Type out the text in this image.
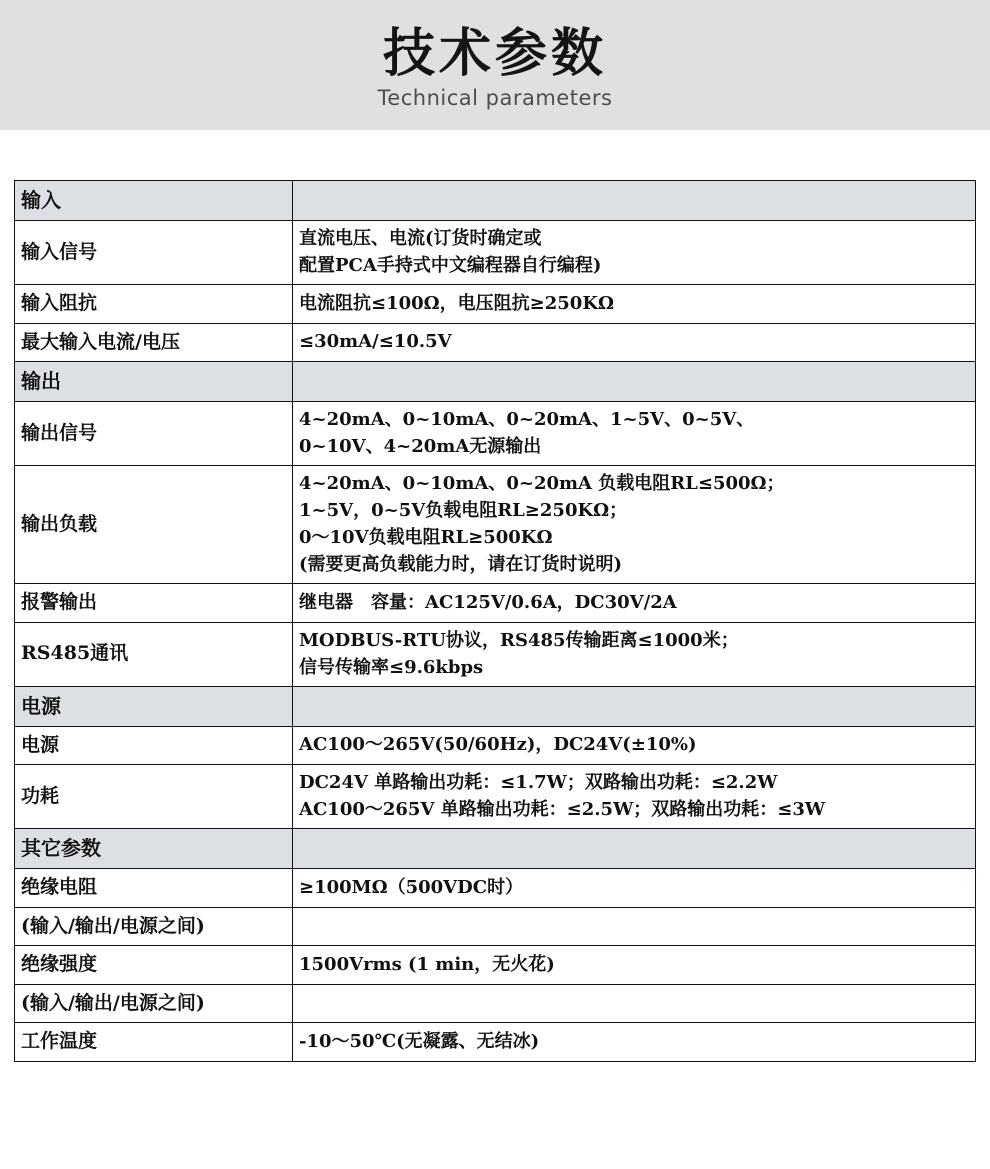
技术参数
Technical parameters
输入	

输入信号	直流电压、电流(订货时确定或
配置PCA手持式中文编程器自行编程)

输入阻抗	电流阻抗≤100Ω，电压阻抗≥250KΩ

最大输入电流/电压	≤30mA/≤10.5V

输出	

输出信号	4~20mA、0~10mA、0~20mA、1~5V、0~5V、
0~10V、4~20mA无源输出

输出负载	4~20mA、0~10mA、0~20mA 负载电阻RL≤500Ω；
1~5V，0~5V负载电阻RL≥250KΩ；
0～10V负载电阻RL≥500KΩ
(需要更高负载能力时，请在订货时说明)

报警输出	继电器　容量：AC125V/0.6A，DC30V/2A

RS485通讯	MODBUS-RTU协议，RS485传输距离≤1000米；
信号传输率≤9.6kbps

电源	

电源	AC100～265V(50/60Hz)，DC24V(±10%)

功耗	DC24V 单路输出功耗：≤1.7W；双路输出功耗：≤2.2W
AC100～265V 单路输出功耗：≤2.5W；双路输出功耗：≤3W

其它参数	

绝缘电阻	≥100MΩ（500VDC时）

(输入/输出/电源之间)	

绝缘强度	1500Vrms (1 min，无火花)

(输入/输出/电源之间)	

工作温度	-10～50℃(无凝露、无结冰)
